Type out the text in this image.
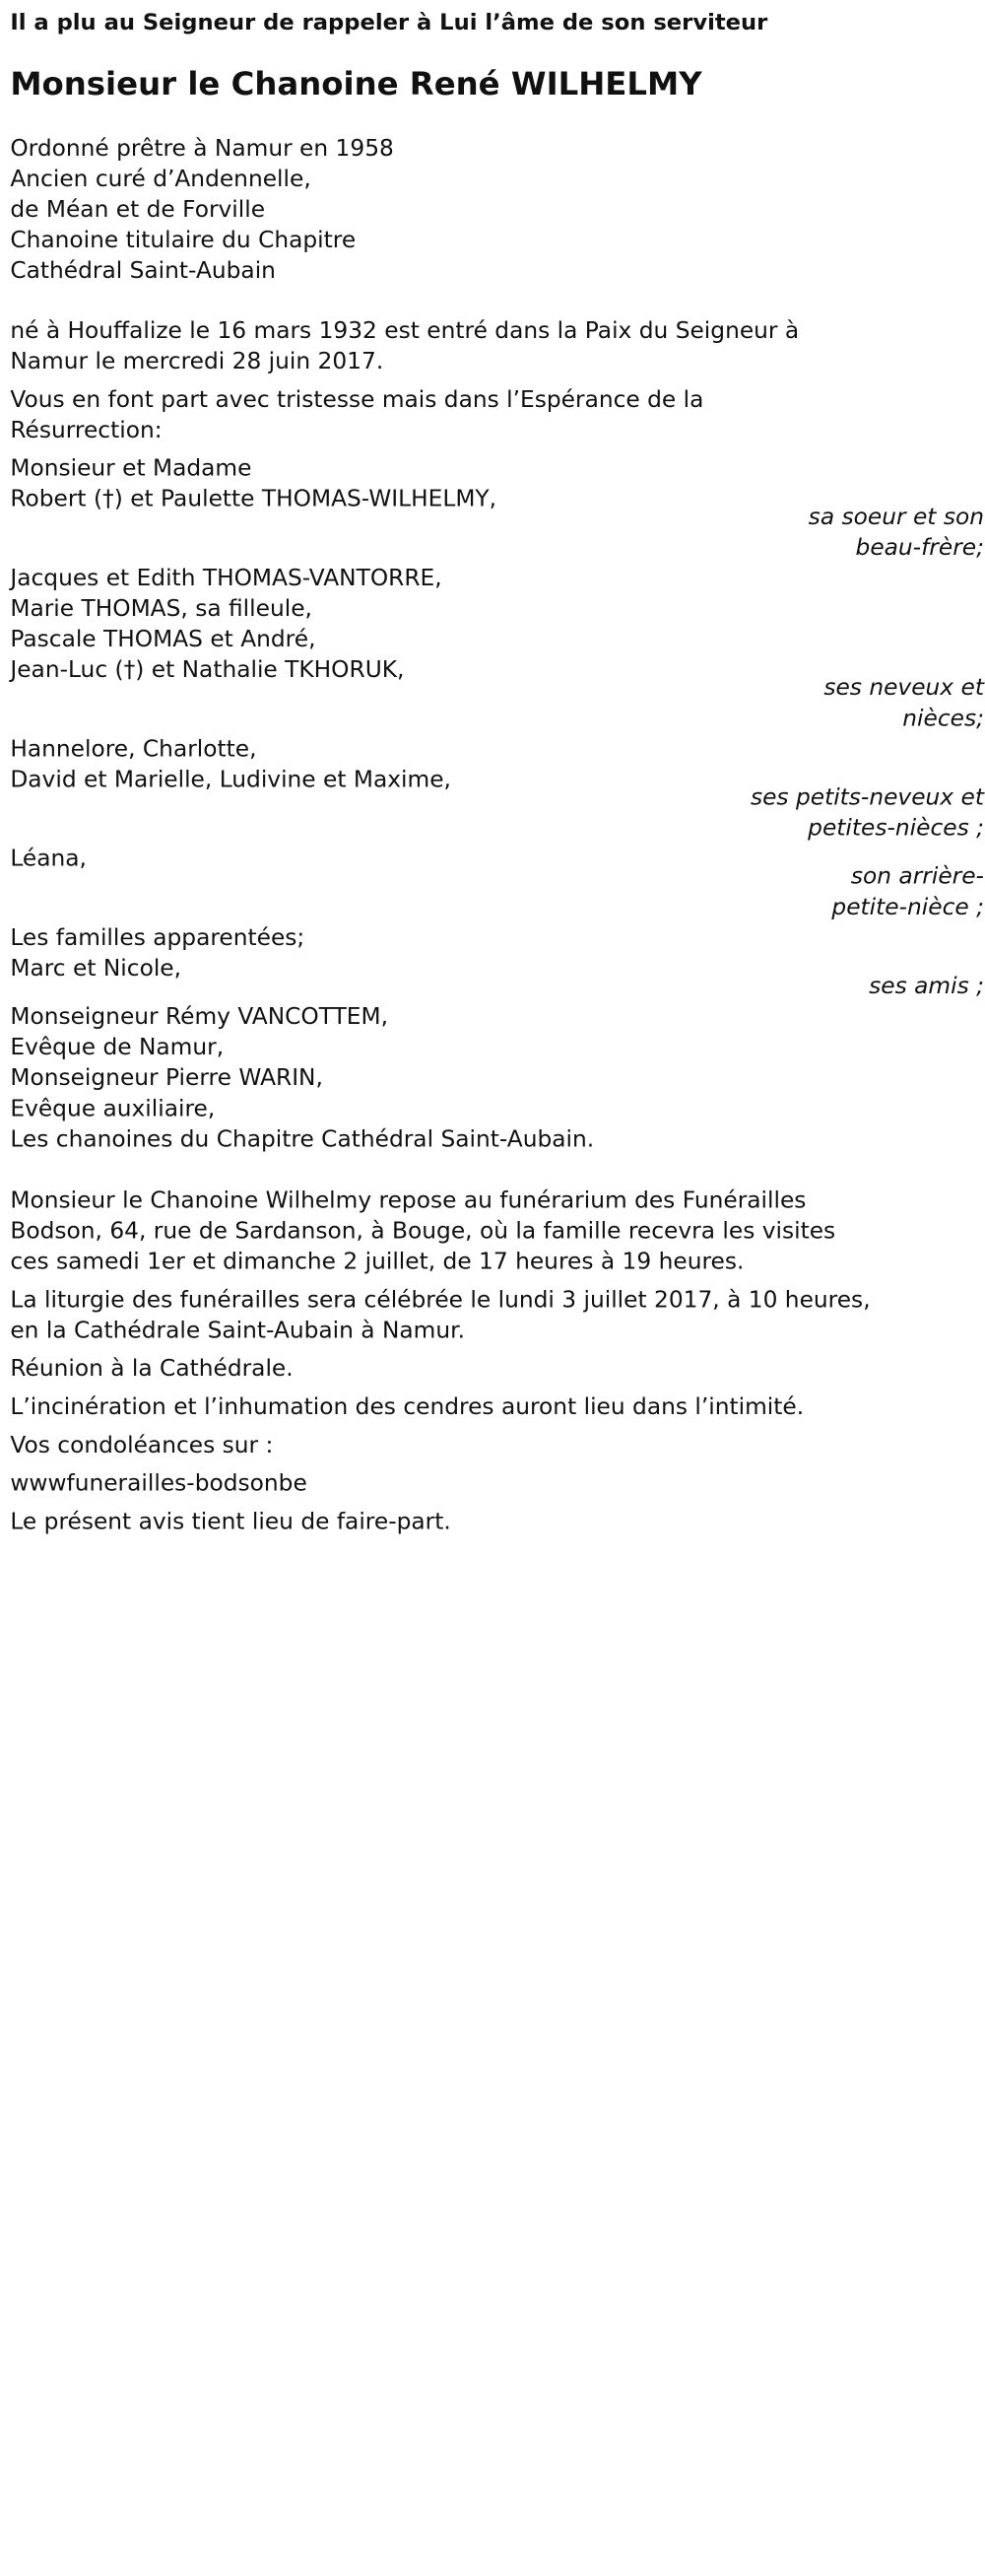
Il a plu au Seigneur de rappeler à Lui l’âme de son serviteur
Monsieur le Chanoine René WILHELMY
Ordonné prêtre à Namur en 1958
Ancien curé d’Andennelle,
de Méan et de Forville
Chanoine titulaire du Chapitre
Cathédral Saint-Aubain
né à Houffalize le 16 mars 1932 est entré dans la Paix du Seigneur à
Namur le mercredi 28 juin 2017.
Vous en font part avec tristesse mais dans l’Espérance de la
Résurrection:
Monsieur et Madame
Robert (†) et Paulette THOMAS-WILHELMY,
sa soeur et son
beau-frère;
Jacques et Edith THOMAS-VANTORRE,
Marie THOMAS, sa filleule,
Pascale THOMAS et André,
Jean-Luc (†) et Nathalie TKHORUK,
ses neveux et
nièces;
Hannelore, Charlotte,
David et Marielle, Ludivine et Maxime,
ses petits-neveux et
petites-nièces ;
Léana,
son arrière-
petite-nièce ;
Les familles apparentées;
Marc et Nicole,
ses amis ;
Monseigneur Rémy VANCOTTEM,
Evêque de Namur,
Monseigneur Pierre WARIN,
Evêque auxiliaire,
Les chanoines du Chapitre Cathédral Saint-Aubain.
Monsieur le Chanoine Wilhelmy repose au funérarium des Funérailles
Bodson, 64, rue de Sardanson, à Bouge, où la famille recevra les visites
ces samedi 1er et dimanche 2 juillet, de 17 heures à 19 heures.
La liturgie des funérailles sera célébrée le lundi 3 juillet 2017, à 10 heures,
en la Cathédrale Saint-Aubain à Namur.
Réunion à la Cathédrale.
L’incinération et l’inhumation des cendres auront lieu dans l’intimité.
Vos condoléances sur :
wwwfunerailles-bodsonbe
Le présent avis tient lieu de faire-part.
